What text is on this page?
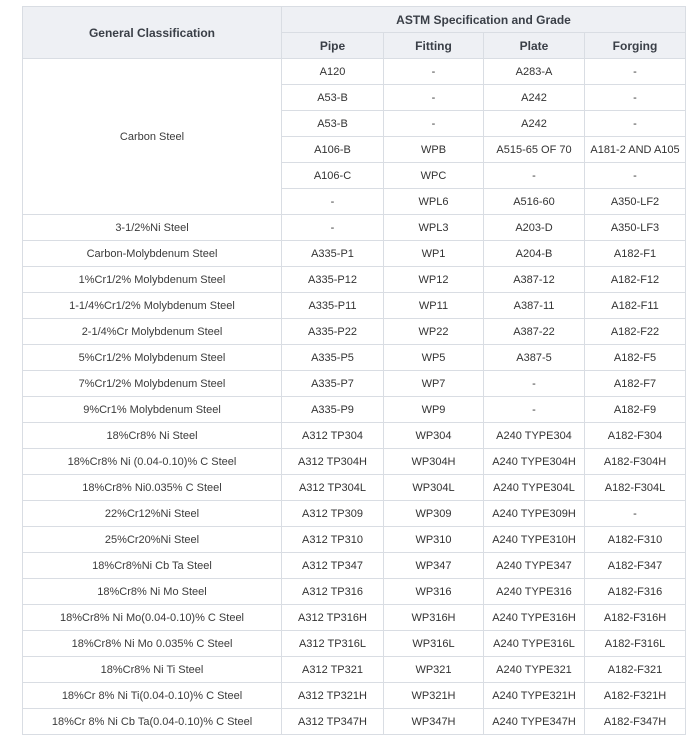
General Classification	ASTM Specification and Grade			
	Pipe	Fitting	Plate	Forging
Carbon Steel	A120	-	A283-A	-
	A53-B	-	A242	-
	A53-B	-	A242	-
	A106-B	WPB	A515-65 OF 70	A181-2 AND A105
	A106-C	WPC	-	-
	-	WPL6	A516-60	A350-LF2
3-1/2%Ni Steel	-	WPL3	A203-D	A350-LF3
Carbon-Molybdenum Steel	A335-P1	WP1	A204-B	A182-F1
1%Cr1/2% Molybdenum Steel	A335-P12	WP12	A387-12	A182-F12
1-1/4%Cr1/2% Molybdenum Steel	A335-P11	WP11	A387-11	A182-F11
2-1/4%Cr Molybdenum Steel	A335-P22	WP22	A387-22	A182-F22
5%Cr1/2% Molybdenum Steel	A335-P5	WP5	A387-5	A182-F5
7%Cr1/2% Molybdenum Steel	A335-P7	WP7	-	A182-F7
9%Cr1% Molybdenum Steel	A335-P9	WP9	-	A182-F9
18%Cr8% Ni Steel	A312 TP304	WP304	A240 TYPE304	A182-F304
18%Cr8% Ni (0.04-0.10)% C Steel	A312 TP304H	WP304H	A240 TYPE304H	A182-F304H
18%Cr8% Ni0.035% C Steel	A312 TP304L	WP304L	A240 TYPE304L	A182-F304L
22%Cr12%Ni Steel	A312 TP309	WP309	A240 TYPE309H	-
25%Cr20%Ni Steel	A312 TP310	WP310	A240 TYPE310H	A182-F310
18%Cr8%Ni Cb Ta Steel	A312 TP347	WP347	A240 TYPE347	A182-F347
18%Cr8% Ni Mo Steel	A312 TP316	WP316	A240 TYPE316	A182-F316
18%Cr8% Ni Mo(0.04-0.10)% C Steel	A312 TP316H	WP316H	A240 TYPE316H	A182-F316H
18%Cr8% Ni Mo 0.035% C Steel	A312 TP316L	WP316L	A240 TYPE316L	A182-F316L
18%Cr8% Ni Ti Steel	A312 TP321	WP321	A240 TYPE321	A182-F321
18%Cr 8% Ni Ti(0.04-0.10)% C Steel	A312 TP321H	WP321H	A240 TYPE321H	A182-F321H
18%Cr 8% Ni Cb Ta(0.04-0.10)% C Steel	A312 TP347H	WP347H	A240 TYPE347H	A182-F347H
